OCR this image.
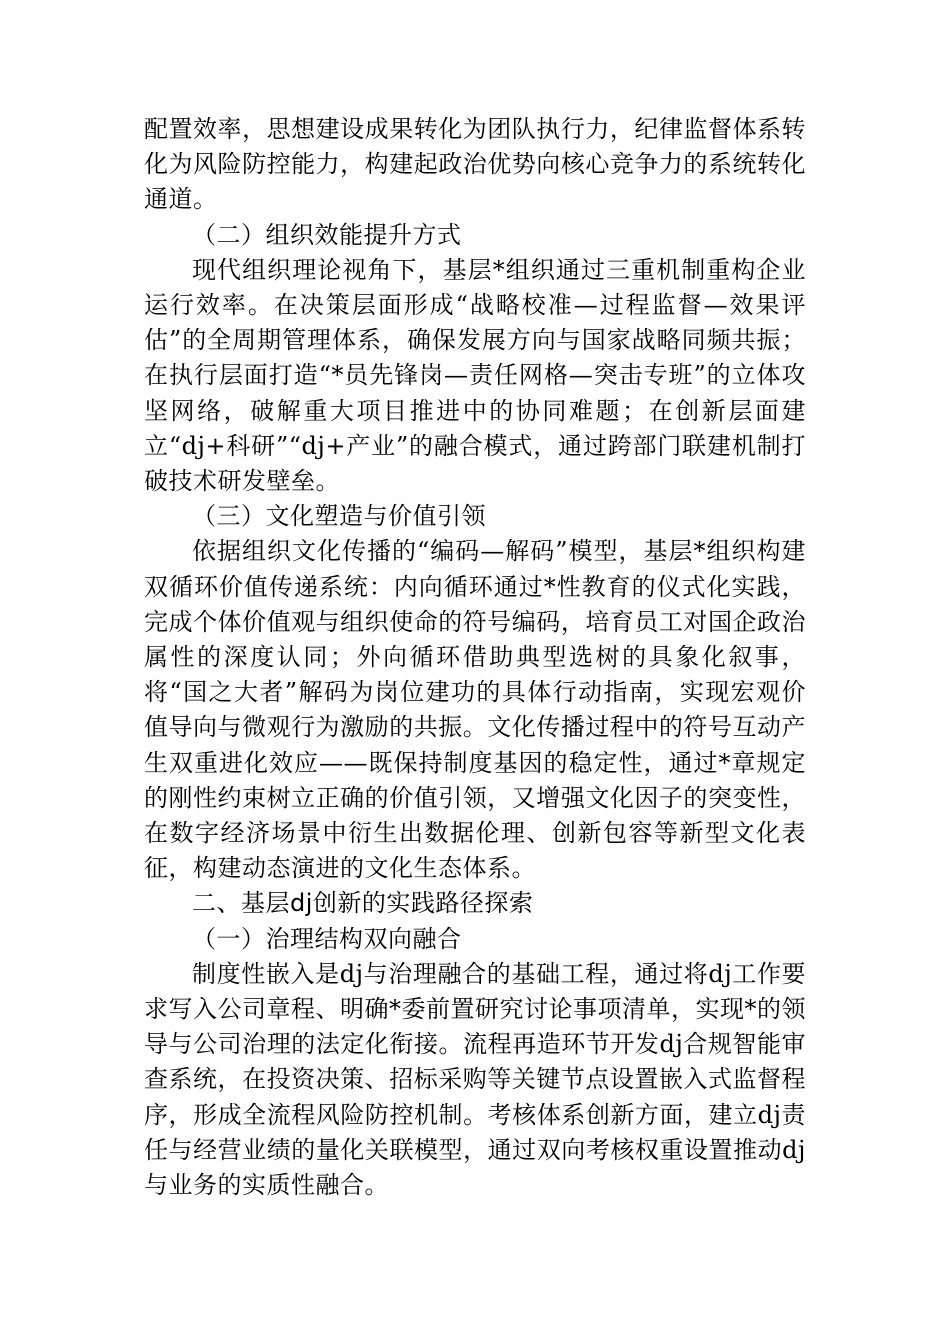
配置效率，思想建设成果转化为团队执行力，纪律监督体系转化为风险防控能力，构建起政治优势向核心竞争力的系统转化通道。

（二）组织效能提升方式

现代组织理论视角下，基层*组织通过三重机制重构企业运行效率。在决策层面形成“战略校准—过程监督—效果评估”的全周期管理体系，确保发展方向与国家战略同频共振；在执行层面打造“*员先锋岗—责任网格—突击专班”的立体攻坚网络，破解重大项目推进中的协同难题；在创新层面建立“dj+科研”“dj+产业”的融合模式，通过跨部门联建机制打破技术研发壁垒。

（三）文化塑造与价值引领

依据组织文化传播的“编码—解码”模型，基层*组织构建双循环价值传递系统：内向循环通过*性教育的仪式化实践，完成个体价值观与组织使命的符号编码，培育员工对国企政治属性的深度认同；外向循环借助典型选树的具象化叙事，将“国之大者”解码为岗位建功的具体行动指南，实现宏观价值导向与微观行为激励的共振。文化传播过程中的符号互动产生双重进化效应——既保持制度基因的稳定性，通过*章规定的刚性约束树立正确的价值引领，又增强文化因子的突变性，在数字经济场景中衍生出数据伦理、创新包容等新型文化表征，构建动态演进的文化生态体系。

二、基层dj创新的实践路径探索

（一）治理结构双向融合

制度性嵌入是dj与治理融合的基础工程，通过将dj工作要求写入公司章程、明确*委前置研究讨论事项清单，实现*的领导与公司治理的法定化衔接。流程再造环节开发dj合规智能审查系统，在投资决策、招标采购等关键节点设置嵌入式监督程序，形成全流程风险防控机制。考核体系创新方面，建立dj责任与经营业绩的量化关联模型，通过双向考核权重设置推动dj与业务的实质性融合。
